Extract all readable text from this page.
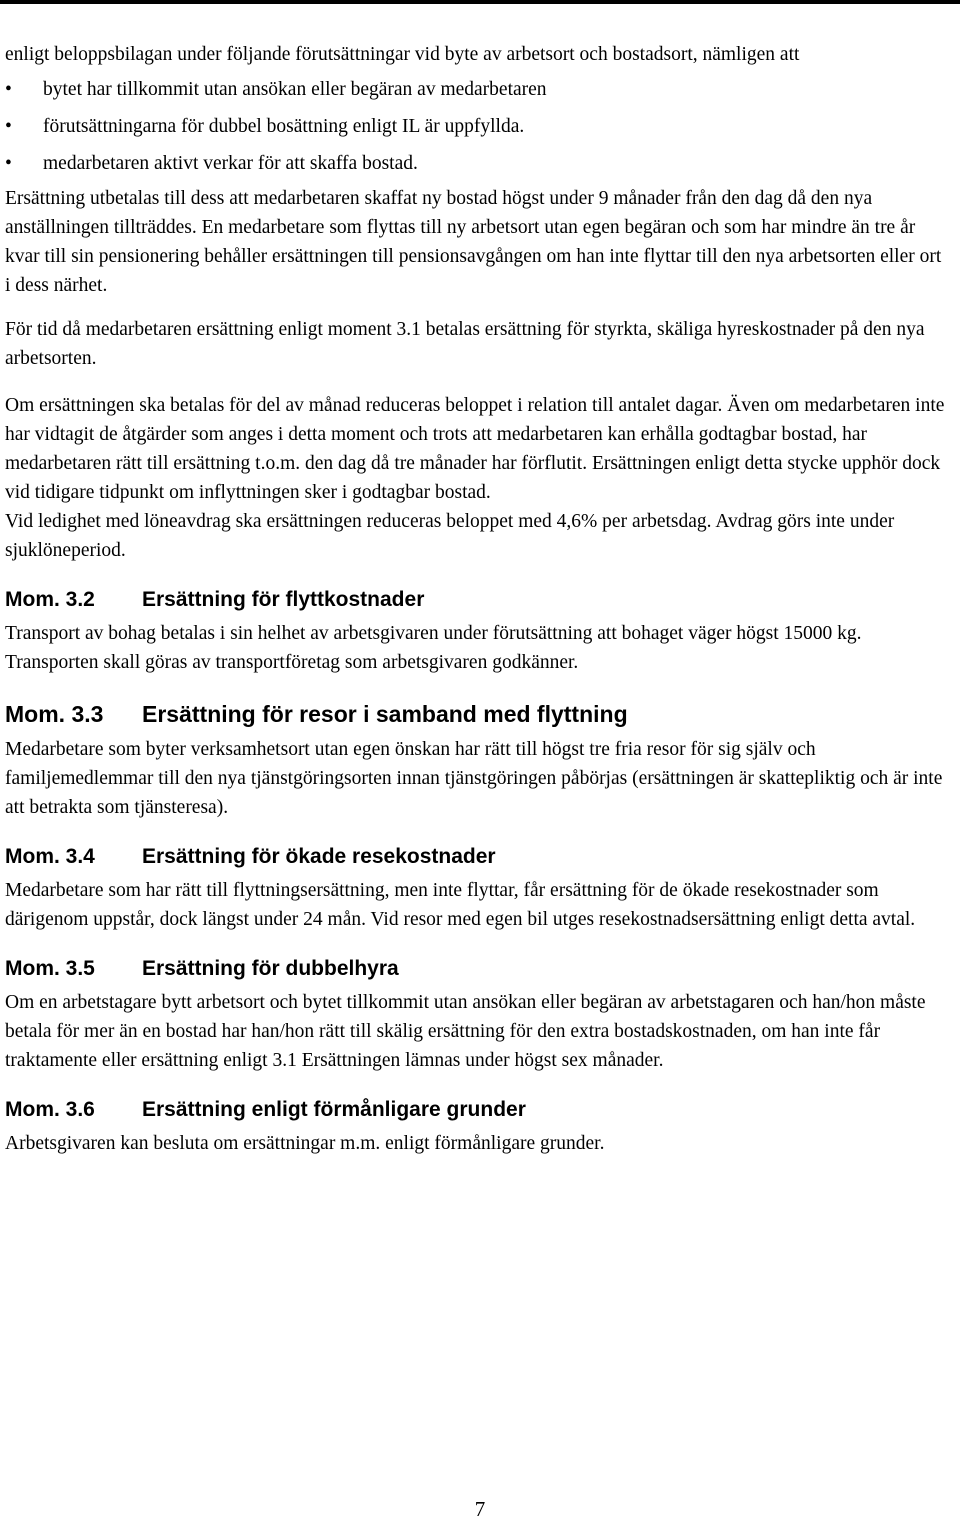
enligt beloppsbilagan under följande förutsättningar vid byte av arbetsort och bostadsort, nämligen att

• bytet har tillkommit utan ansökan eller begäran av medarbetaren
• förutsättningarna för dubbel bosättning enligt IL är uppfyllda.
• medarbetaren aktivt verkar för att skaffa bostad.

Ersättning utbetalas till dess att medarbetaren skaffat ny bostad högst under 9 månader från den dag då den nya anställningen tillträddes. En medarbetare som flyttas till ny arbetsort utan egen begäran och som har mindre än tre år kvar till sin pensionering behåller ersättningen till pensionsavgången om han inte flyttar till den nya arbetsorten eller ort i dess närhet.

För tid då medarbetaren ersättning enligt moment 3.1 betalas ersättning för styrkta, skäliga hyreskostnader på den nya arbetsorten.

Om ersättningen ska betalas för del av månad reduceras beloppet i relation till antalet dagar. Även om medarbetaren inte har vidtagit de åtgärder som anges i detta moment och trots att medarbetaren kan erhålla godtagbar bostad, har medarbetaren rätt till ersättning t.o.m. den dag då tre månader har förflutit. Ersättningen enligt detta stycke upphör dock vid tidigare tidpunkt om inflyttningen sker i godtagbar bostad.

Vid ledighet med löneavdrag ska ersättningen reduceras beloppet med 4,6% per arbetsdag. Avdrag görs inte under sjuklöneperiod.

Mom. 3.2	Ersättning för flyttkostnader

Transport av bohag betalas i sin helhet av arbetsgivaren under förutsättning att bohaget väger högst 15000 kg. Transporten skall göras av transportföretag som arbetsgivaren godkänner.

Mom. 3.3	Ersättning för resor i samband med flyttning

Medarbetare som byter verksamhetsort utan egen önskan har rätt till högst tre fria resor för sig själv och familjemedlemmar till den nya tjänstgöringsorten innan tjänstgöringen påbörjas (ersättningen är skattepliktig och är inte att betrakta som tjänsteresa).

Mom. 3.4	Ersättning för ökade resekostnader

Medarbetare som har rätt till flyttningsersättning, men inte flyttar, får ersättning för de ökade resekostnader som därigenom uppstår, dock längst under 24 mån. Vid resor med egen bil utges resekostnadsersättning enligt detta avtal.

Mom. 3.5	Ersättning för dubbelhyra

Om en arbetstagare bytt arbetsort och bytet tillkommit utan ansökan eller begäran av arbetstagaren och han/hon måste betala för mer än en bostad har han/hon rätt till skälig ersättning för den extra bostadskostnaden, om han inte får traktamente eller ersättning enligt 3.1 Ersättningen lämnas under högst sex månader.

Mom. 3.6	Ersättning enligt förmånligare grunder

Arbetsgivaren kan besluta om ersättningar m.m. enligt förmånligare grunder.

7
